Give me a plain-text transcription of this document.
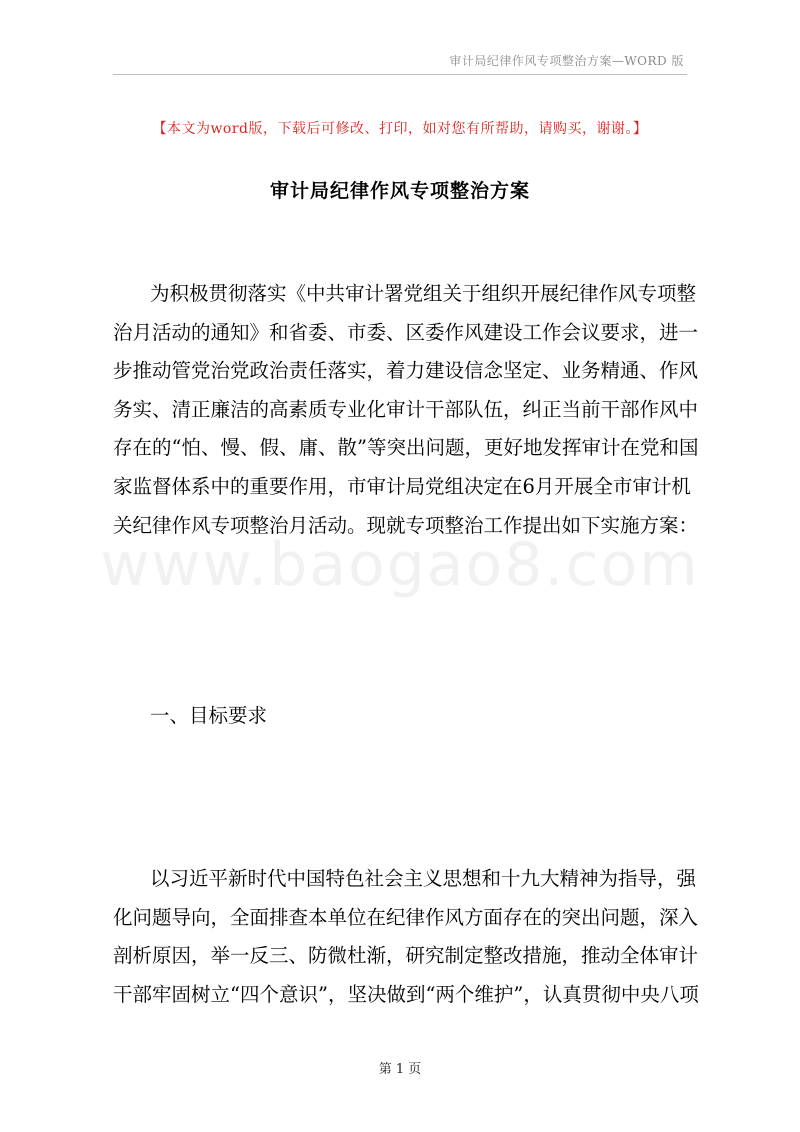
审计局纪律作风专项整治方案—WORD 版
【本文为word版，下载后可修改、打印，如对您有所帮助，请购买，谢谢。】
审计局纪律作风专项整治方案
为积极贯彻落实《中共审计署党组关于组织开展纪律作风专项整
治月活动的通知》和省委、市委、区委作风建设工作会议要求，进一
步推动管党治党政治责任落实，着力建设信念坚定、业务精通、作风
务实、清正廉洁的高素质专业化审计干部队伍，纠正当前干部作风中
存在的“怕、慢、假、庸、散”等突出问题，更好地发挥审计在党和国
家监督体系中的重要作用，市审计局党组决定在6月开展全市审计机
关纪律作风专项整治月活动。现就专项整治工作提出如下实施方案：
www.baogao8.com
一、目标要求
以习近平新时代中国特色社会主义思想和十九大精神为指导，强
化问题导向，全面排查本单位在纪律作风方面存在的突出问题，深入
剖析原因，举一反三、防微杜渐，研究制定整改措施，推动全体审计
干部牢固树立“四个意识”，坚决做到“两个维护”，认真贯彻中央八项
第 1 页
